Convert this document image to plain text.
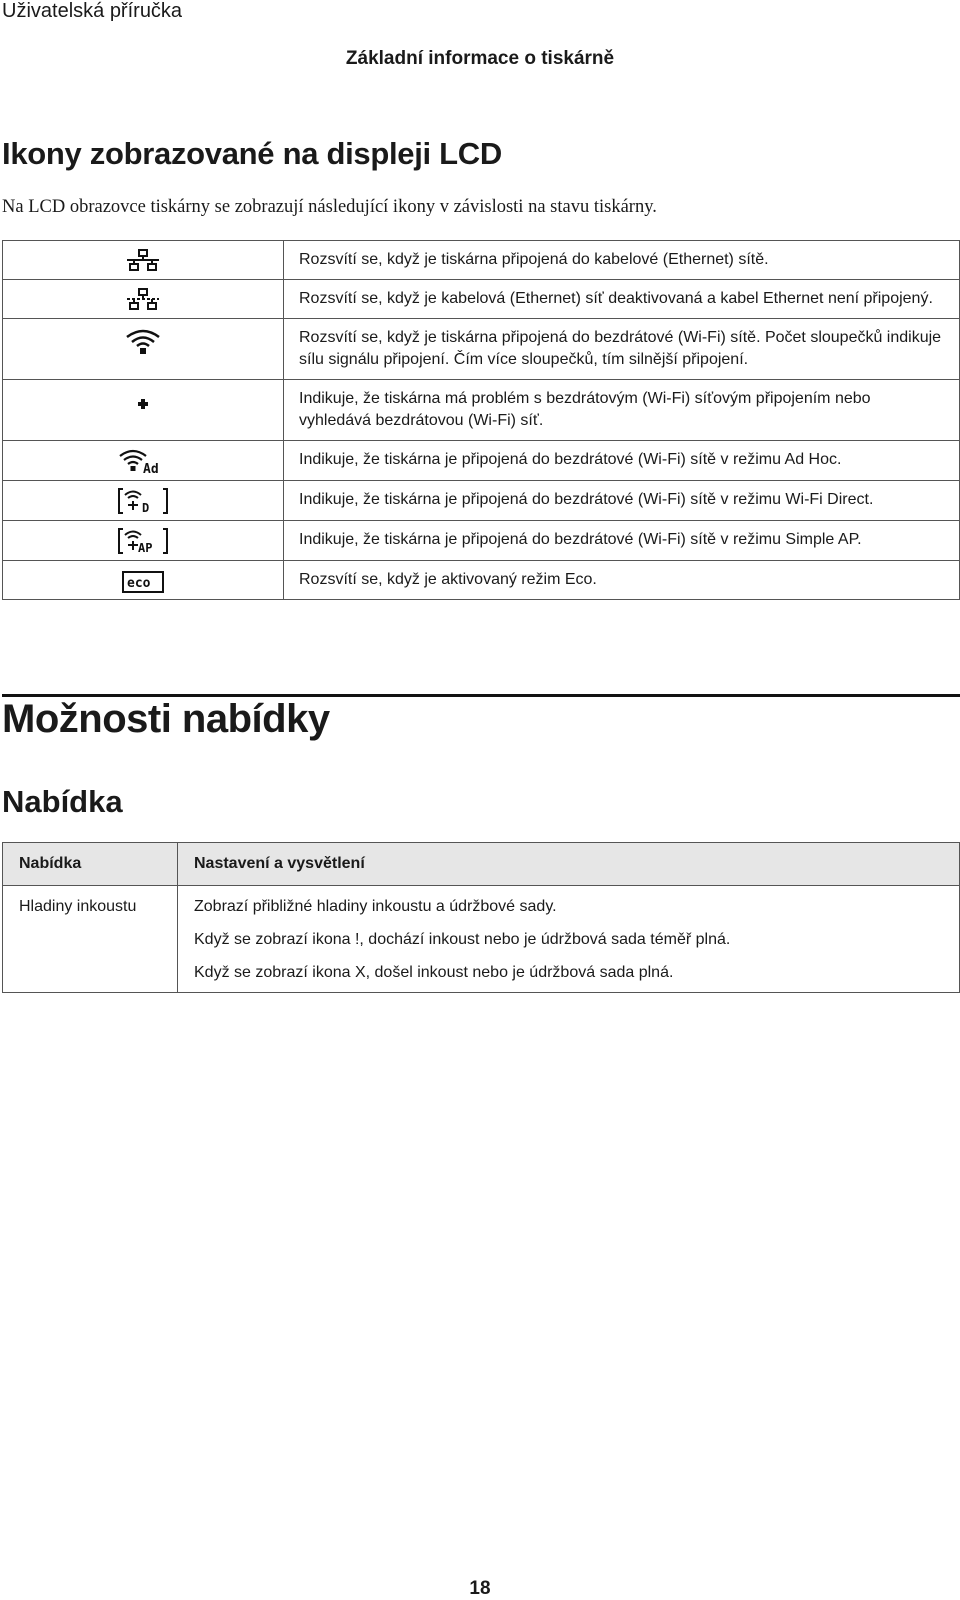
Uživatelská příručka
Základní informace o tiskárně
Ikony zobrazované na displeji LCD
Na LCD obrazovce tiskárny se zobrazují následující ikony v závislosti na stavu tiskárny.
	Rozsvítí se, když je tiskárna připojená do kabelové (Ethernet) sítě.

	Rozsvítí se, když je kabelová (Ethernet) síť deaktivovaná a kabel Ethernet není připojený.

	Rozsvítí se, když je tiskárna připojená do bezdrátové (Wi-Fi) sítě. Počet sloupečků indikuje sílu signálu připojení. Čím více sloupečků, tím silnější připojení.

	Indikuje, že tiskárna má problém s bezdrátovým (Wi-Fi) síťovým připojením nebo vyhledává bezdrátovou (Wi-Fi) síť.

Ad	Indikuje, že tiskárna je připojená do bezdrátové (Wi-Fi) sítě v režimu Ad Hoc.

D	Indikuje, že tiskárna je připojená do bezdrátové (Wi-Fi) sítě v režimu Wi-Fi Direct.

AP	Indikuje, že tiskárna je připojená do bezdrátové (Wi-Fi) sítě v režimu Simple AP.

eco	Rozsvítí se, když je aktivovaný režim Eco.
Možnosti nabídky
Nabídka
Nabídka	Nastavení a vysvětlení
Hladiny inkoustu	Zobrazí přibližné hladiny inkoustu a údržbové sady.

Když se zobrazí ikona !, dochází inkoust nebo je údržbová sada téměř plná.

Když se zobrazí ikona X, došel inkoust nebo je údržbová sada plná.

18
